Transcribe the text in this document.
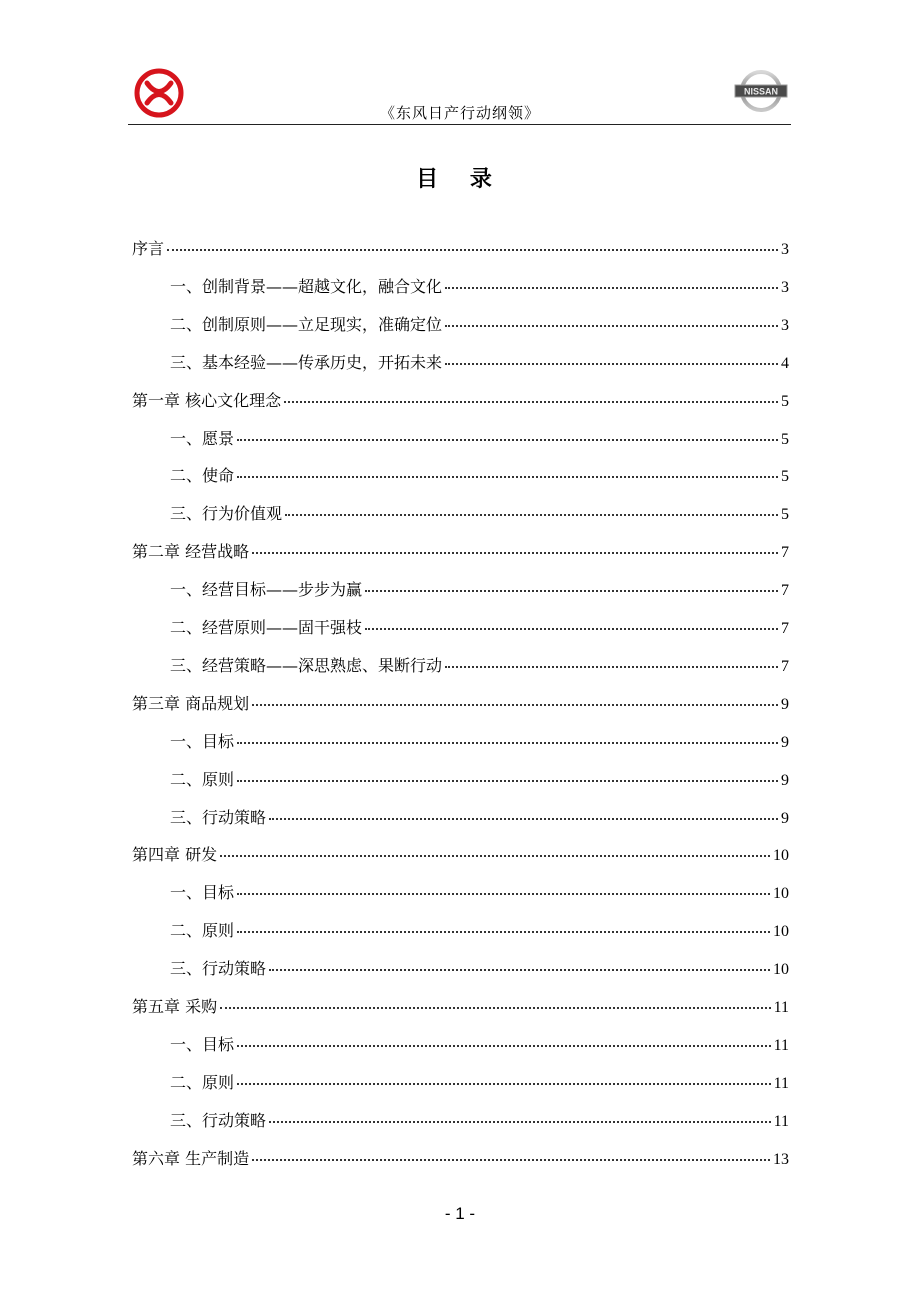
NISSAN
《东风日产行动纲领》
目 录
序言	3
一、创制背景——超越文化，融合文化	3
二、创制原则——立足现实，准确定位	3
三、基本经验——传承历史，开拓未来	4
第一章 核心文化理念	5
一、愿景	5
二、使命	5
三、行为价值观	5
第二章 经营战略	7
一、经营目标——步步为赢	7
二、经营原则——固干强枝	7
三、经营策略——深思熟虑、果断行动	7
第三章 商品规划	9
一、目标	9
二、原则	9
三、行动策略	9
第四章 研发	10
一、目标	10
二、原则	10
三、行动策略	10
第五章 采购	11
一、目标	11
二、原则	11
三、行动策略	11
第六章 生产制造	13
- 1 -
